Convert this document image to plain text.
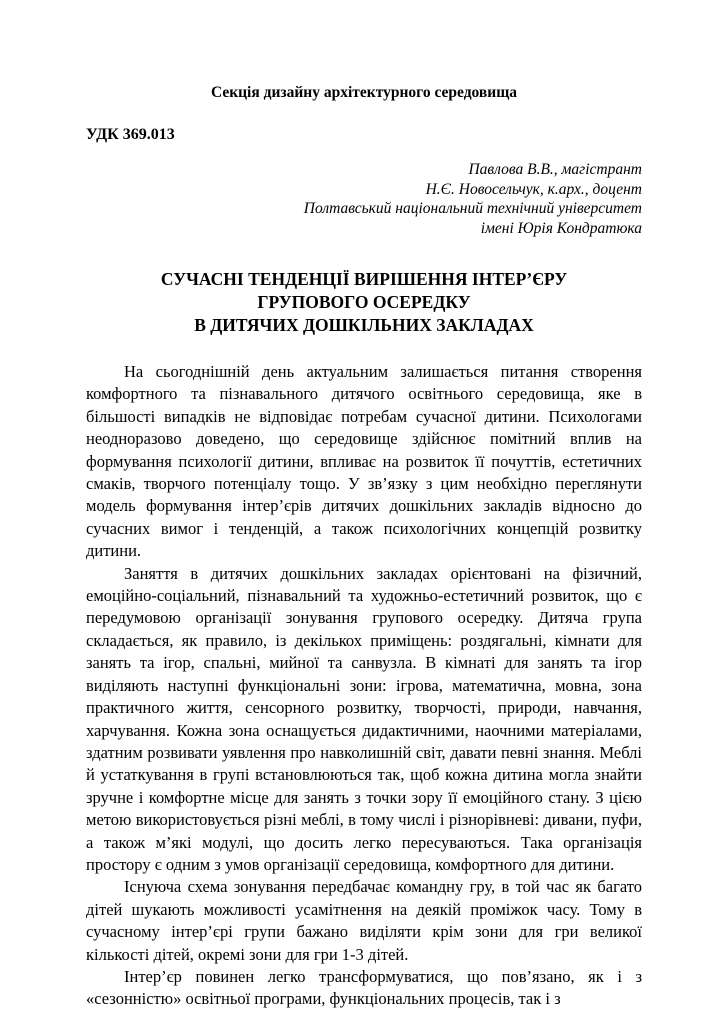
Секція дизайну архітектурного середовища
УДК 369.013
Павлова В.В., магістрант
Н.Є. Новосельчук, к.арх., доцент
Полтавський національний технічний університет
імені Юрія Кондратюка
СУЧАСНІ ТЕНДЕНЦІЇ ВИРІШЕННЯ ІНТЕР’ЄРУ
ГРУПОВОГО ОСЕРЕДКУ
В ДИТЯЧИХ ДОШКІЛЬНИХ ЗАКЛАДАХ

На сьогоднішній день актуальним залишається питання створення комфортного та пізнавального дитячого освітнього середовища, яке в більшості випадків не відповідає потребам сучасної дитини. Психологами неодноразово доведено, що середовище здійснює помітний вплив на формування психології дитини, впливає на розвиток її почуттів, естетичних смаків, творчого потенціалу тощо. У зв’язку з цим необхідно переглянути модель формування інтер’єрів дитячих дошкільних закладів відносно до сучасних вимог і тенденцій, а також психологічних концепцій розвитку дитини.

Заняття в дитячих дошкільних закладах орієнтовані на фізичний, емоційно-соціальний, пізнавальний та художньо-естетичний розвиток, що є передумовою організації зонування групового осередку. Дитяча група складається, як правило, із декількох приміщень: роздягальні, кімнати для занять та ігор, спальні, мийної та санвузла. В кімнаті для занять та ігор виділяють наступні функціональні зони: ігрова, математична, мовна, зона практичного життя, сенсорного розвитку, творчості, природи, навчання, харчування. Кожна зона оснащується дидактичними, наочними матеріалами, здатним розвивати уявлення про навколишній світ, давати певні знання. Меблі й устаткування в групі встановлюються так, щоб кожна дитина могла знайти зручне і комфортне місце для занять з точки зору її емоційного стану. З цією метою використовується різні меблі, в тому числі і різнорівневі: дивани, пуфи, а також м’які модулі, що досить легко пересуваються. Така організація простору є одним з умов організації середовища, комфортного для дитини.

Існуюча схема зонування передбачає командну гру, в той час як багато дітей шукають можливості усамітнення на деякій проміжок часу. Тому в сучасному інтер’єрі групи бажано виділяти крім зони для гри великої кількості дітей, окремі зони для гри 1-3 дітей.

Інтер’єр повинен легко трансформуватися, що пов’язано, як і з «сезонністю» освітньої програми, функціональних процесів, так і з
